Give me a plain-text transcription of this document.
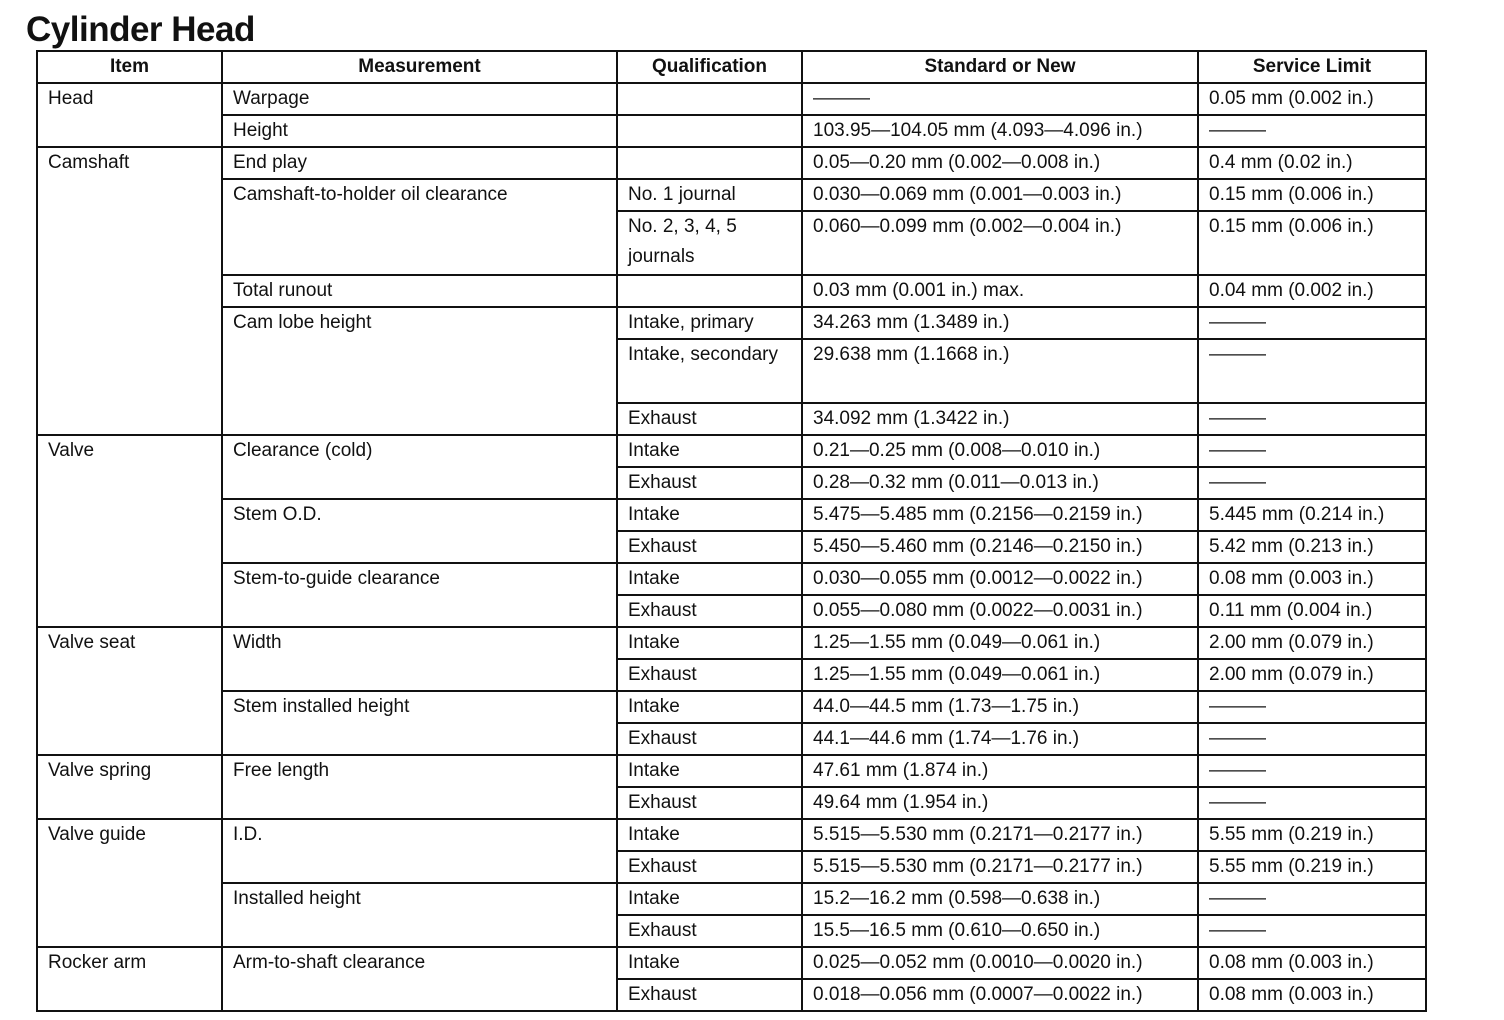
Cylinder Head
Item	Measurement	Qualification	Standard or New	Service Limit
Head	Warpage		———	0.05 mm (0.002 in.)
	Height		103.95—104.05 mm (4.093—4.096 in.)	———
Camshaft	End play		0.05—0.20 mm (0.002—0.008 in.)	0.4 mm (0.02 in.)
	Camshaft-to-holder oil clearance	No. 1 journal	0.030—0.069 mm (0.001—0.003 in.)	0.15 mm (0.006 in.)
		No. 2, 3, 4, 5 journals	0.060—0.099 mm (0.002—0.004 in.)	0.15 mm (0.006 in.)
	Total runout		0.03 mm (0.001 in.) max.	0.04 mm (0.002 in.)
	Cam lobe height	Intake, primary	34.263 mm (1.3489 in.)	———
		Intake, secondary	29.638 mm (1.1668 in.)	———
		Exhaust	34.092 mm (1.3422 in.)	———
Valve	Clearance (cold)	Intake	0.21—0.25 mm (0.008—0.010 in.)	———
		Exhaust	0.28—0.32 mm (0.011—0.013 in.)	———
	Stem O.D.	Intake	5.475—5.485 mm (0.2156—0.2159 in.)	5.445 mm (0.214 in.)
		Exhaust	5.450—5.460 mm (0.2146—0.2150 in.)	5.42 mm (0.213 in.)
	Stem-to-guide clearance	Intake	0.030—0.055 mm (0.0012—0.0022 in.)	0.08 mm (0.003 in.)
		Exhaust	0.055—0.080 mm (0.0022—0.0031 in.)	0.11 mm (0.004 in.)
Valve seat	Width	Intake	1.25—1.55 mm (0.049—0.061 in.)	2.00 mm (0.079 in.)
		Exhaust	1.25—1.55 mm (0.049—0.061 in.)	2.00 mm (0.079 in.)
	Stem installed height	Intake	44.0—44.5 mm (1.73—1.75 in.)	———
		Exhaust	44.1—44.6 mm (1.74—1.76 in.)	———
Valve spring	Free length	Intake	47.61 mm (1.874 in.)	———
		Exhaust	49.64 mm (1.954 in.)	———
Valve guide	I.D.	Intake	5.515—5.530 mm (0.2171—0.2177 in.)	5.55 mm (0.219 in.)
		Exhaust	5.515—5.530 mm (0.2171—0.2177 in.)	5.55 mm (0.219 in.)
	Installed height	Intake	15.2—16.2 mm (0.598—0.638 in.)	———
		Exhaust	15.5—16.5 mm (0.610—0.650 in.)	———
Rocker arm	Arm-to-shaft clearance	Intake	0.025—0.052 mm (0.0010—0.0020 in.)	0.08 mm (0.003 in.)
		Exhaust	0.018—0.056 mm (0.0007—0.0022 in.)	0.08 mm (0.003 in.)
